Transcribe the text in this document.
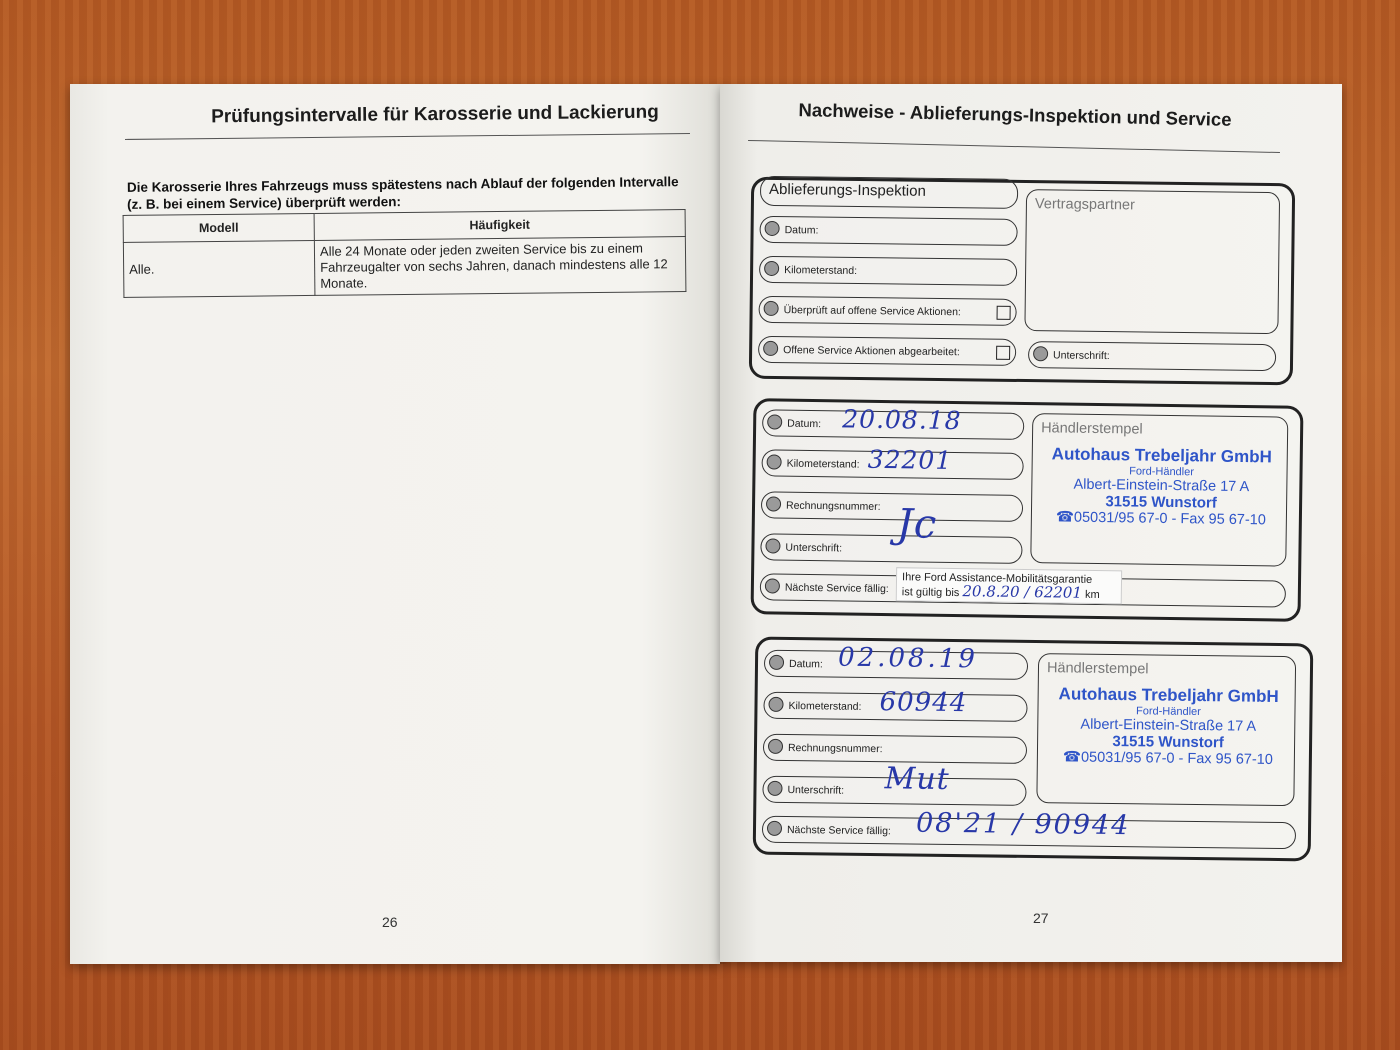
Prüfungsintervalle für Karosserie und Lackierung
Die Karosserie Ihres Fahrzeugs muss spätestens nach Ablauf der folgenden Intervalle (z. B. bei einem Service) überprüft werden:
Modell	Häufigkeit
Alle.	Alle 24 Monate oder jeden zweiten Service bis zu einem Fahrzeugalter von sechs Jahren, danach mindestens alle 12 Monate.
26
Nachweise - Ablieferungs-Inspektion und Service
Ablieferungs-Inspektion
Datum:
Kilometerstand:
Überprüft auf offene Service Aktionen:
Offene Service Aktionen abgearbeitet:
Vertragspartner
Unterschrift:
Datum: 20.08.18
Kilometerstand: 32201
Rechnungsnummer:
Unterschrift:
Jc
Händlerstempel
Autohaus Trebeljahr GmbH
Ford-Händler
Albert-Einstein-Straße 17 A
31515 Wunstorf
☎05031/95 67-0 - Fax 95 67-10
Nächste Service fällig:
Ihre Ford Assistance-Mobilitätsgarantie
ist gültig bis 20.8.20 / 62201 km
Datum: 02.08.19
Kilometerstand: 60944
Rechnungsnummer:
Unterschrift: Mut
Händlerstempel
Autohaus Trebeljahr GmbH
Ford-Händler
Albert-Einstein-Straße 17 A
31515 Wunstorf
☎05031/95 67-0 - Fax 95 67-10
Nächste Service fällig: 08'21 / 90944
27
